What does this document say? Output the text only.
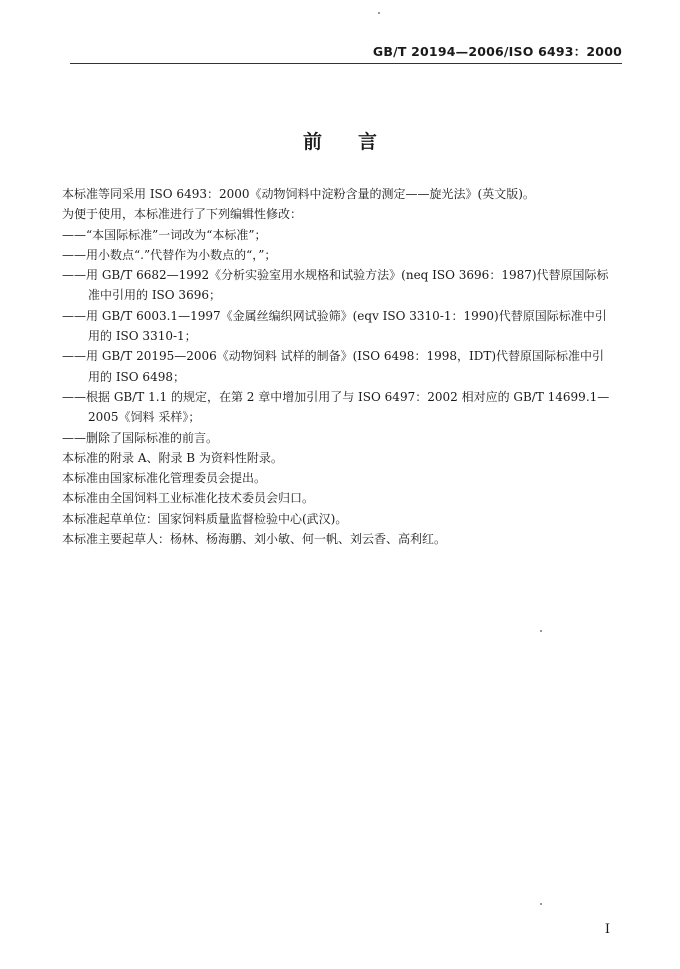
GB/T 20194—2006/ISO 6493：2000
前言
本标准等同采用 ISO 6493：2000《动物饲料中淀粉含量的测定——旋光法》(英文版)。
为便于使用，本标准进行了下列编辑性修改：
——“本国际标准”一词改为“本标准”；
——用小数点“.”代替作为小数点的“，”；
——用 GB/T 6682—1992《分析实验室用水规格和试验方法》(neq ISO 3696：1987)代替原国际标
准中引用的 ISO 3696；
——用 GB/T 6003.1—1997《金属丝编织网试验筛》(eqv ISO 3310-1：1990)代替原国际标准中引
用的 ISO 3310-1；
——用 GB/T 20195—2006《动物饲料 试样的制备》(ISO 6498：1998，IDT)代替原国际标准中引
用的 ISO 6498；
——根据 GB/T 1.1 的规定，在第 2 章中增加引用了与 ISO 6497：2002 相对应的 GB/T 14699.1—
2005《饲料 采样》；
——删除了国际标准的前言。
本标准的附录 A、附录 B 为资料性附录。
本标准由国家标准化管理委员会提出。
本标准由全国饲料工业标准化技术委员会归口。
本标准起草单位：国家饲料质量监督检验中心(武汉)。
本标准主要起草人：杨林、杨海鹏、刘小敏、何一帆、刘云香、高利红。
I
